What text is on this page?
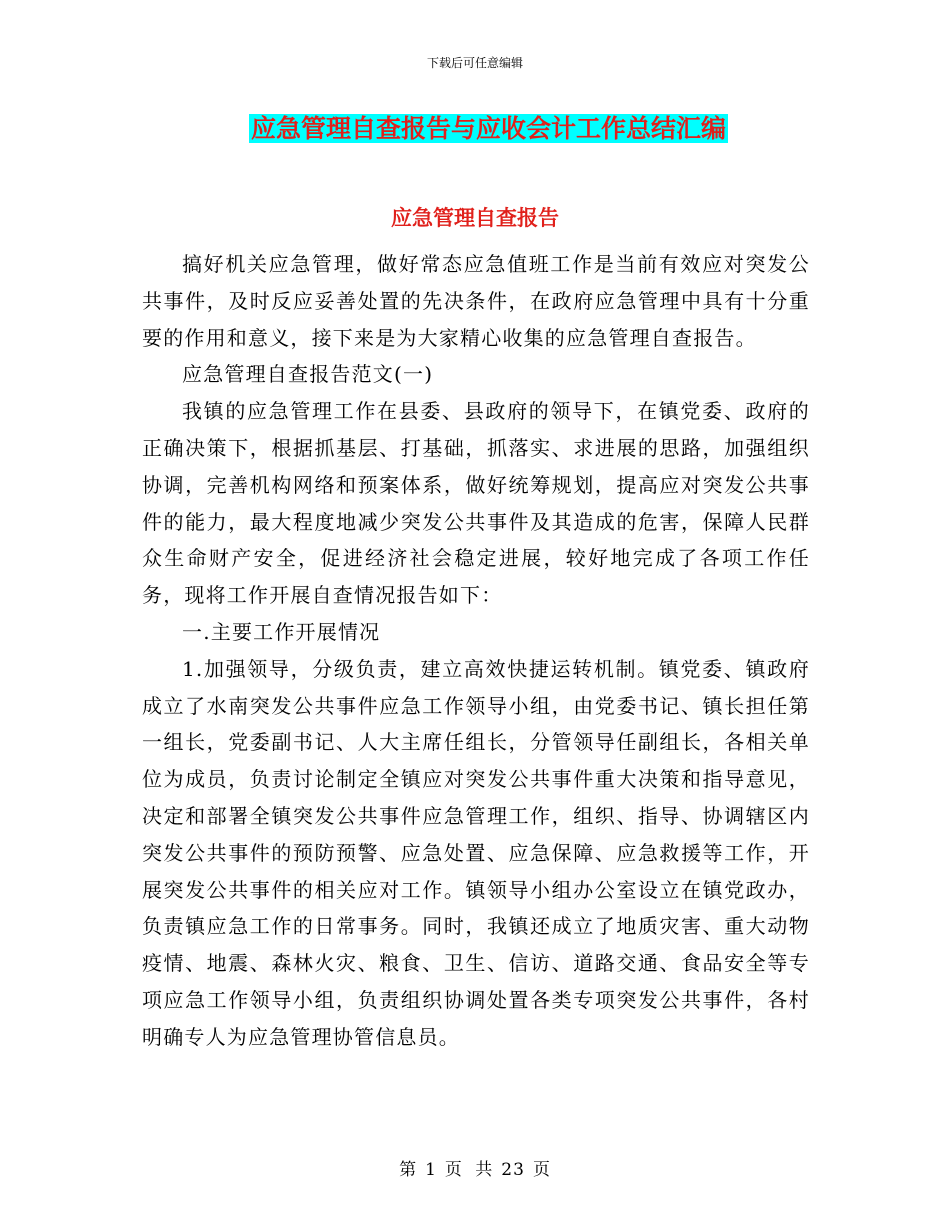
下载后可任意编辑
应急管理自查报告与应收会计工作总结汇编
应急管理自查报告

搞好机关应急管理，做好常态应急值班工作是当前有效应对突发公共事件，及时反应妥善处置的先决条件，在政府应急管理中具有十分重要的作用和意义，接下来是为大家精心收集的应急管理自查报告。

应急管理自查报告范文(一)

我镇的应急管理工作在县委、县政府的领导下，在镇党委、政府的正确决策下，根据抓基层、打基础，抓落实、求进展的思路，加强组织协调，完善机构网络和预案体系，做好统筹规划，提高应对突发公共事件的能力，最大程度地减少突发公共事件及其造成的危害，保障人民群众生命财产安全，促进经济社会稳定进展，较好地完成了各项工作任务，现将工作开展自查情况报告如下：

一.主要工作开展情况

1.加强领导，分级负责，建立高效快捷运转机制。镇党委、镇政府成立了水南突发公共事件应急工作领导小组，由党委书记、镇长担任第一组长，党委副书记、人大主席任组长，分管领导任副组长，各相关单位为成员，负责讨论制定全镇应对突发公共事件重大决策和指导意见，决定和部署全镇突发公共事件应急管理工作，组织、指导、协调辖区内突发公共事件的预防预警、应急处置、应急保障、应急救援等工作，开展突发公共事件的相关应对工作。镇领导小组办公室设立在镇党政办，负责镇应急工作的日常事务。同时，我镇还成立了地质灾害、重大动物疫情、地震、森林火灾、粮食、卫生、信访、道路交通、食品安全等专项应急工作领导小组，负责组织协调处置各类专项突发公共事件，各村明确专人为应急管理协管信息员。

第 1 页 共 23 页
